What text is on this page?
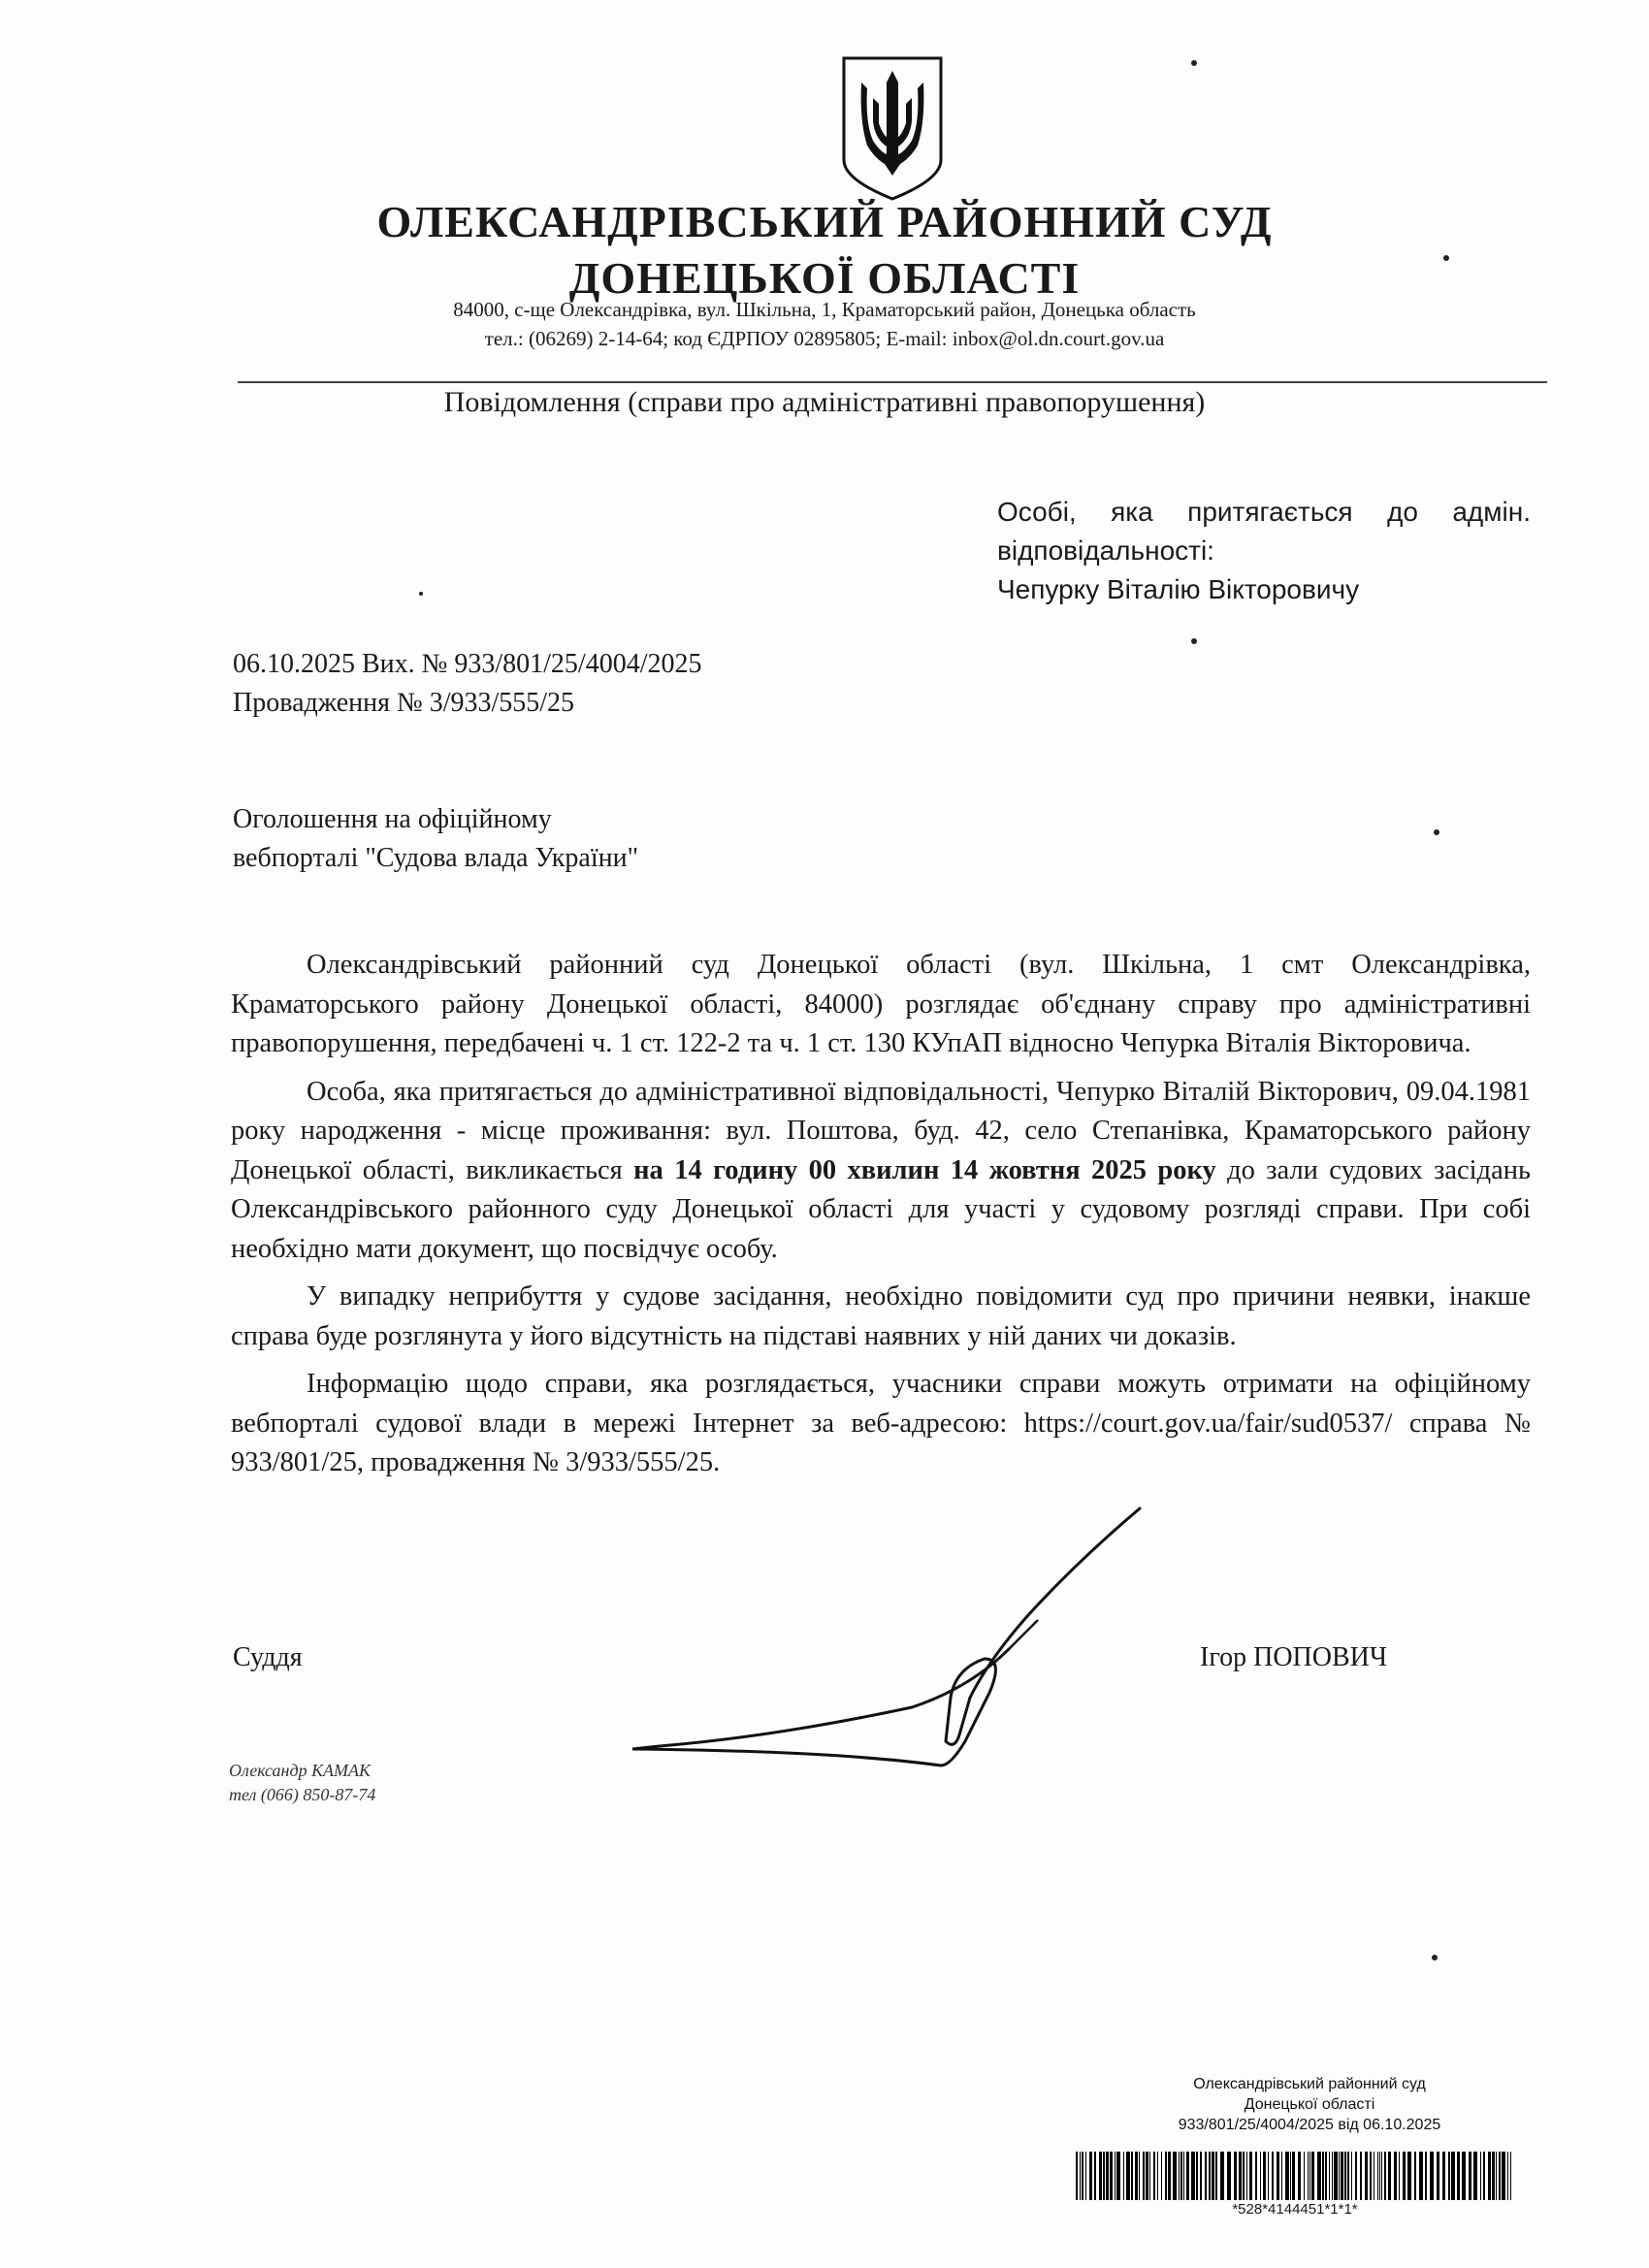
ОЛЕКСАНДРІВСЬКИЙ РАЙОННИЙ СУД
ДОНЕЦЬКОЇ ОБЛАСТІ
84000, с-ще Олександрівка, вул. Шкільна, 1, Краматорський район, Донецька область
тел.: (06269) 2-14-64; код ЄДРПОУ 02895805; E-mail: inbox@ol.dn.court.gov.ua
Повідомлення (справи про адміністративні правопорушення)
Особі, яка притягається до адмін.
відповідальності:
Чепурку Віталію Вікторовичу
06.10.2025 Вих. № 933/801/25/4004/2025
Провадження № 3/933/555/25
Оголошення на офіційному
вебпорталі "Судова влада України"

Олександрівський районний суд Донецької області (вул. Шкільна, 1 смт Олександрівка, Краматорського району Донецької області, 84000) розглядає об'єднану справу про адміністративні правопорушення, передбачені ч. 1 ст. 122-2 та ч. 1 ст. 130 КУпАП відносно Чепурка Віталія Вікторовича.

Особа, яка притягається до адміністративної відповідальності, Чепурко Віталій Вікторович, 09.04.1981 року народження - місце проживання: вул. Поштова, буд. 42, село Степанівка, Краматорського району Донецької області, викликається на 14 годину 00 хвилин 14 жовтня 2025 року до зали судових засідань Олександрівського районного суду Донецької області для участі у судовому розгляді справи. При собі необхідно мати документ, що посвідчує особу.

У випадку неприбуття у судове засідання, необхідно повідомити суд про причини неявки, інакше справа буде розглянута у його відсутність на підставі наявних у ній даних чи доказів.

Інформацію щодо справи, яка розглядається, учасники справи можуть отримати на офіційному вебпорталі судової влади в мережі Інтернет за веб-адресою: https://court.gov.ua/fair/sud0537/ справа № 933/801/25, провадження № 3/933/555/25.

Суддя	Ігор ПОПОВИЧ
Олександр КАМАК
тел (066) 850-87-74
Олександрівський районний суд
Донецької області
933/801/25/4004/2025 від 06.10.2025
*528*4144451*1*1*
